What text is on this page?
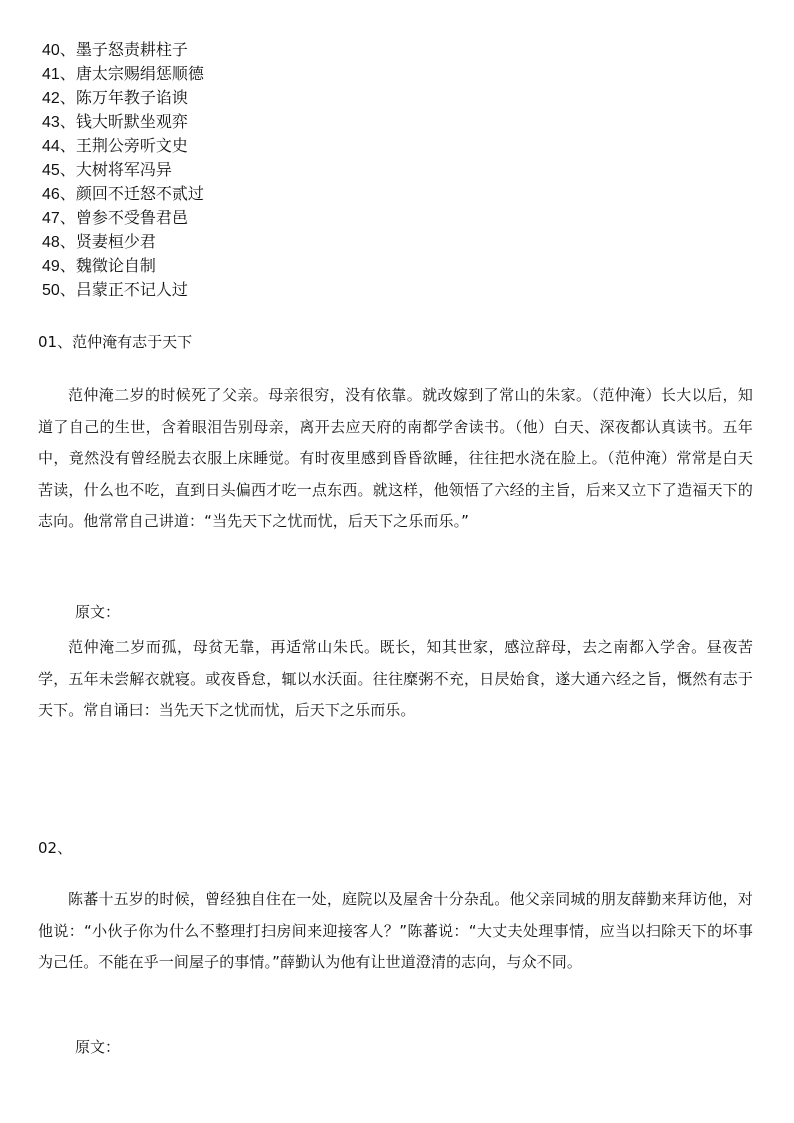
40、墨子怒责耕柱子
41、唐太宗赐绢惩顺德
42、陈万年教子谄谀
43、钱大昕默坐观弈
44、王荆公旁听文史
45、大树将军冯异
46、颜回不迁怒不贰过
47、曾参不受鲁君邑
48、贤妻桓少君
49、魏徵论自制
50、吕蒙正不记人过
01、范仲淹有志于天下

范仲淹二岁的时候死了父亲。母亲很穷，没有依靠。就改嫁到了常山的朱家。（范仲淹）长大以后，知道了自己的生世，含着眼泪告别母亲，离开去应天府的南都学舍读书。（他）白天、深夜都认真读书。五年中，竟然没有曾经脱去衣服上床睡觉。有时夜里感到昏昏欲睡，往往把水浇在脸上。（范仲淹）常常是白天苦读，什么也不吃，直到日头偏西才吃一点东西。就这样，他领悟了六经的主旨，后来又立下了造福天下的志向。他常常自己讲道：“当先天下之忧而忧，后天下之乐而乐。”

原文：

范仲淹二岁而孤，母贫无靠，再适常山朱氏。既长，知其世家，感泣辞母，去之南都入学舍。昼夜苦学，五年未尝解衣就寝。或夜昏怠，辄以水沃面。往往糜粥不充，日昃始食，遂大通六经之旨，慨然有志于天下。常自诵曰：当先天下之忧而忧，后天下之乐而乐。

02、

陈蕃十五岁的时候，曾经独自住在一处，庭院以及屋舍十分杂乱。他父亲同城的朋友薛勤来拜访他，对他说：“小伙子你为什么不整理打扫房间来迎接客人？”陈蕃说：“大丈夫处理事情，应当以扫除天下的坏事为己任。不能在乎一间屋子的事情。”薛勤认为他有让世道澄清的志向，与众不同。

原文：
